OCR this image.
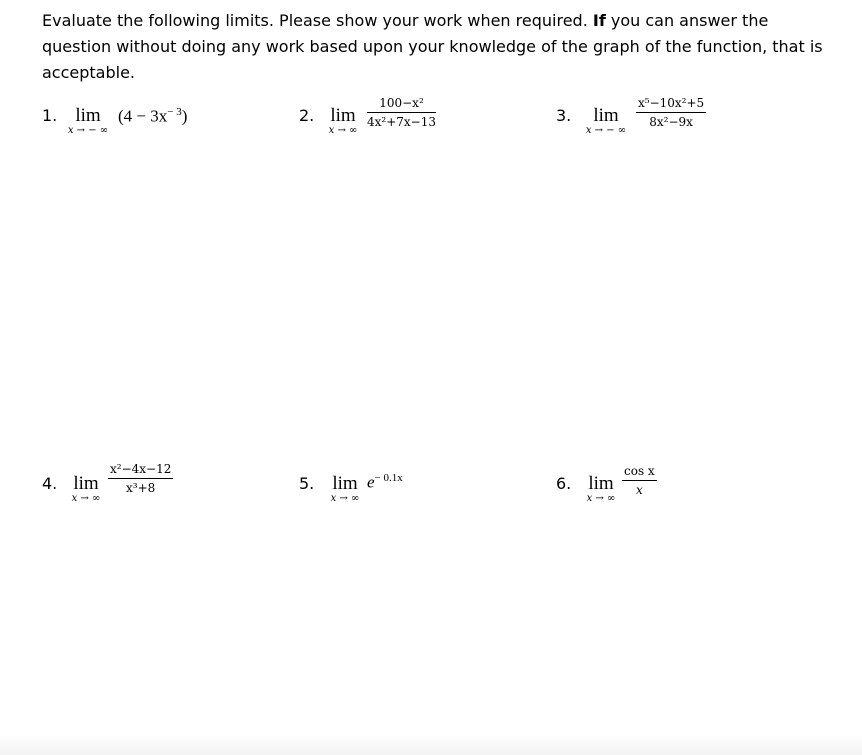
Evaluate the following limits. Please show your work when required. If you can answer the question without doing any work based upon your knowledge of the graph of the function, that is acceptable.
1. lim
x → − ∞
$(4 - 3x^{- 3})$	2. lim
x → ∞
$\frac{\text{100−x²}}{\text{4x²+7x−13}}$	3.	lim
x → − ∞
$\frac{\text{x⁵−10x²+5}}{\text{8x²−9x}}$
4. lim
x → ∞
$\frac{\text{x²−4x−12}}{\text{x³+8}}$	5. lim
x → ∞
$e^{- 0.1x}$	6. lim
x → ∞
$\frac{\text{cos x}}{x}$
